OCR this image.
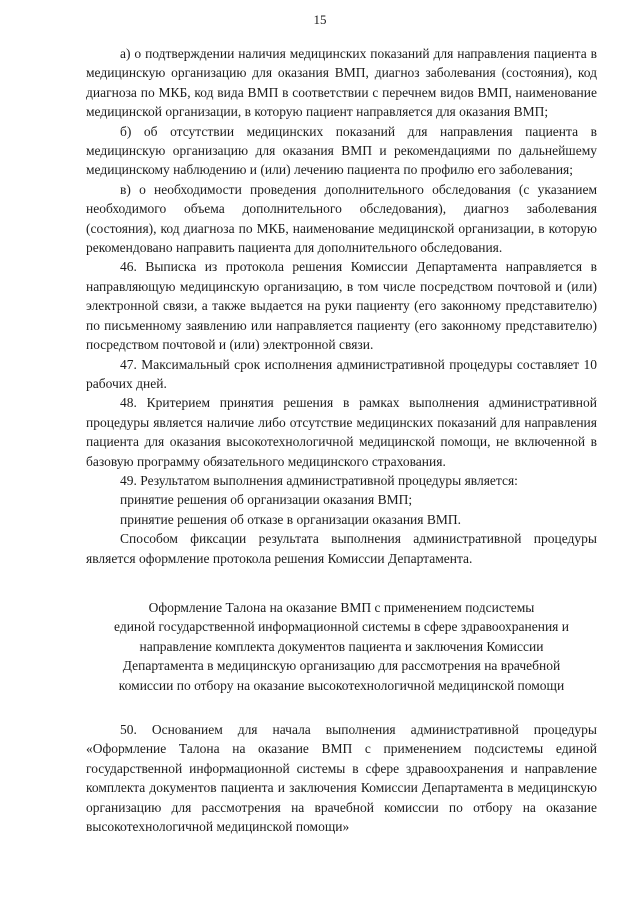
15

а) о подтверждении наличия медицинских показаний для направления пациента в медицинскую организацию для оказания ВМП, диагноз заболевания (состояния), код диагноза по МКБ, код вида ВМП в соответствии с перечнем видов ВМП, наименование медицинской организации, в которую пациент направляется для оказания ВМП;

б) об отсутствии медицинских показаний для направления пациента в медицинскую организацию для оказания ВМП и рекомендациями по дальнейшему медицинскому наблюдению и (или) лечению пациента по профилю его заболевания;

в) о необходимости проведения дополнительного обследования (с указанием необходимого объема дополнительного обследования), диагноз заболевания (состояния), код диагноза по МКБ, наименование медицинской организации, в которую рекомендовано направить пациента для дополнительного обследования.

46. Выписка из протокола решения Комиссии Департамента направляется в направляющую медицинскую организацию, в том числе посредством почтовой и (или) электронной связи, а также выдается на руки пациенту (его законному представителю) по письменному заявлению или направляется пациенту (его законному представителю) посредством почтовой и (или) электронной связи.

47. Максимальный срок исполнения административной процедуры составляет 10 рабочих дней.

48. Критерием принятия решения в рамках выполнения административной процедуры является наличие либо отсутствие медицинских показаний для направления пациента для оказания высокотехнологичной медицинской помощи, не включенной в базовую программу обязательного медицинского страхования.

49. Результатом выполнения административной процедуры является:

принятие решения об организации оказания ВМП;

принятие решения об отказе в организации оказания ВМП.

Способом фиксации результата выполнения административной процедуры является оформление протокола решения Комиссии Департамента.

Оформление Талона на оказание ВМП с применением подсистемы
единой государственной информационной системы в сфере здравоохранения и
направление комплекта документов пациента и заключения Комиссии
Департамента в медицинскую организацию для рассмотрения на врачебной
комиссии по отбору на оказание высокотехнологичной медицинской помощи

50. Основанием для начала выполнения административной процедуры «Оформление Талона на оказание ВМП с применением подсистемы единой государственной информационной системы в сфере здравоохранения и направление комплекта документов пациента и заключения Комиссии Департамента в медицинскую организацию для рассмотрения на врачебной комиссии по отбору на оказание высокотехнологичной медицинской помощи»
